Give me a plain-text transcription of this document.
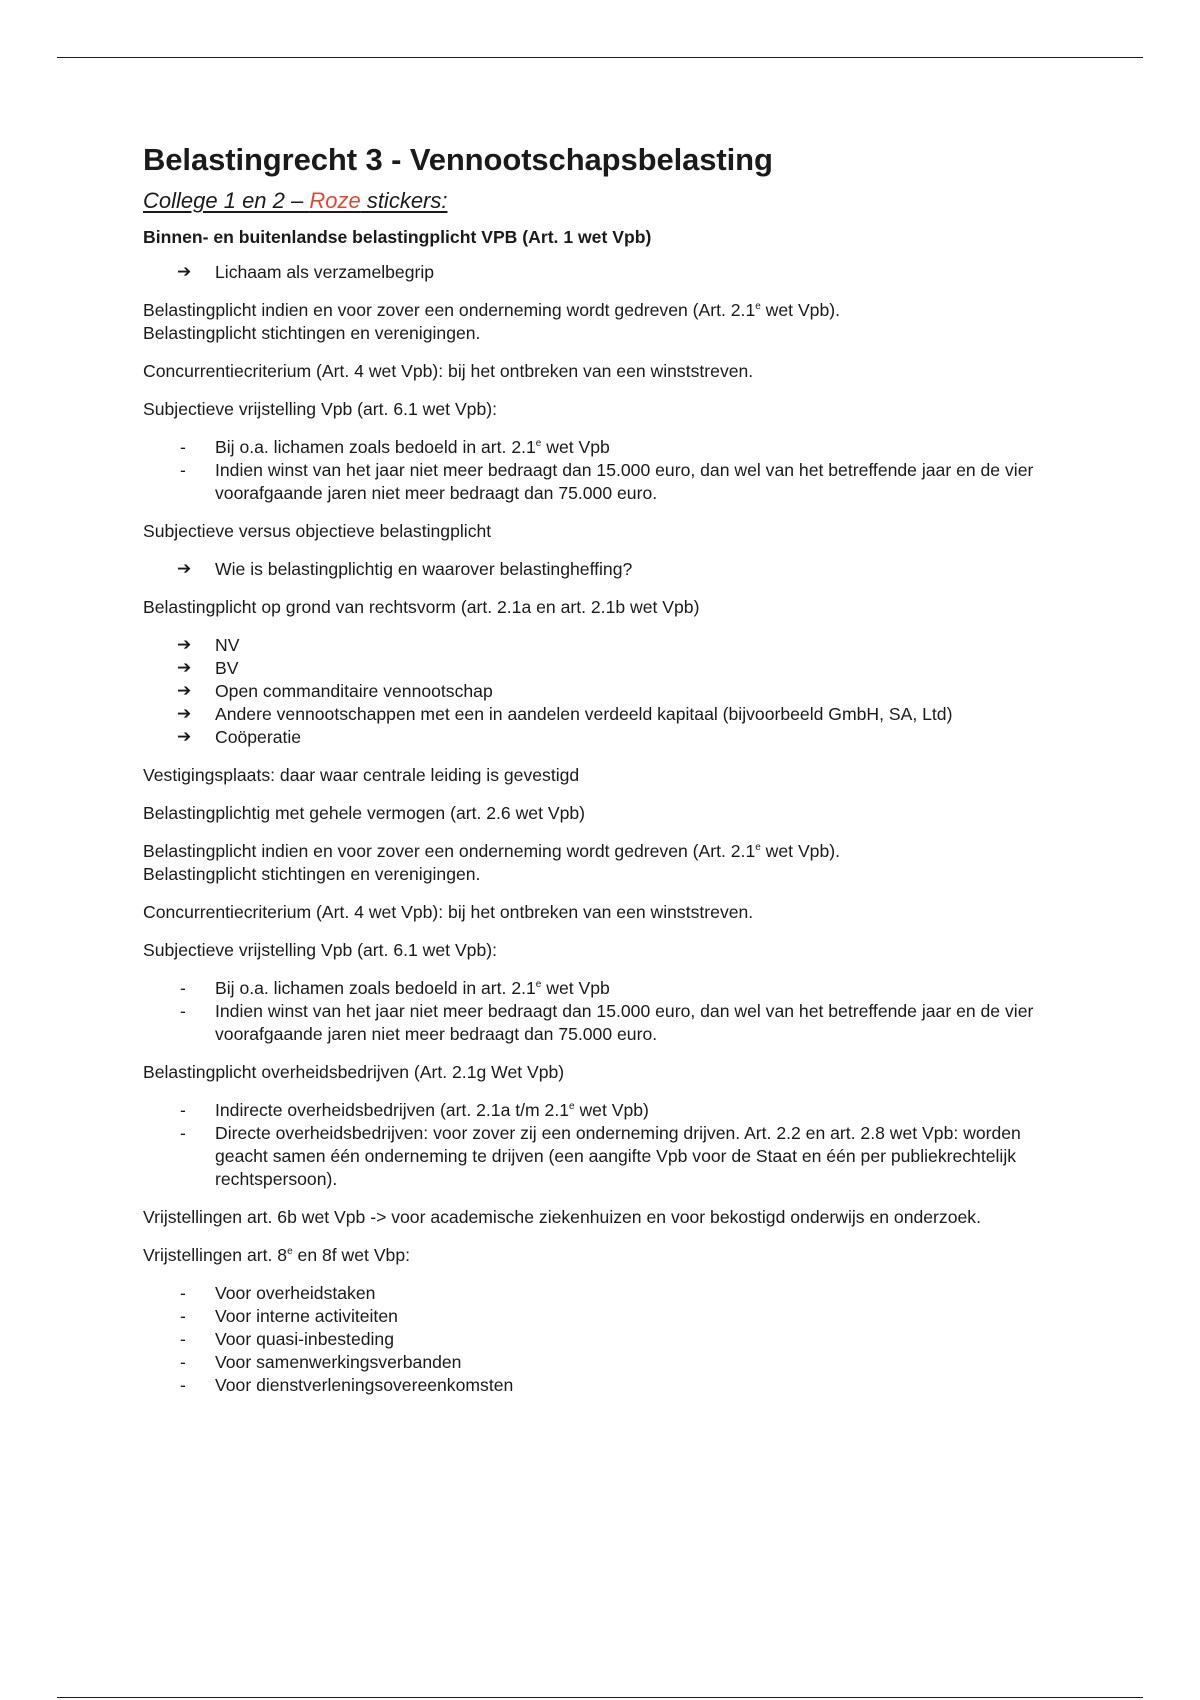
Belastingrecht 3 - Vennootschapsbelasting
College 1 en 2 – Roze stickers:
Binnen- en buitenlandse belastingplicht VPB (Art. 1 wet Vpb)
➔ Lichaam als verzamelbegrip

Belastingplicht indien en voor zover een onderneming wordt gedreven (Art. 2.1e wet Vpb).
Belastingplicht stichtingen en verenigingen.

Concurrentiecriterium (Art. 4 wet Vpb): bij het ontbreken van een winststreven.

Subjectieve vrijstelling Vpb (art. 6.1 wet Vpb):

- Bij o.a. lichamen zoals bedoeld in art. 2.1e wet Vpb
- Indien winst van het jaar niet meer bedraagt dan 15.000 euro, dan wel van het betreffende jaar en de vier voorafgaande jaren niet meer bedraagt dan 75.000 euro.

Subjectieve versus objectieve belastingplicht

➔ Wie is belastingplichtig en waarover belastingheffing?

Belastingplicht op grond van rechtsvorm (art. 2.1a en art. 2.1b wet Vpb)

➔ NV
➔ BV
➔ Open commanditaire vennootschap
➔ Andere vennootschappen met een in aandelen verdeeld kapitaal (bijvoorbeeld GmbH, SA, Ltd)
➔ Coöperatie

Vestigingsplaats: daar waar centrale leiding is gevestigd

Belastingplichtig met gehele vermogen (art. 2.6 wet Vpb)

Belastingplicht indien en voor zover een onderneming wordt gedreven (Art. 2.1e wet Vpb).
Belastingplicht stichtingen en verenigingen.

Concurrentiecriterium (Art. 4 wet Vpb): bij het ontbreken van een winststreven.

Subjectieve vrijstelling Vpb (art. 6.1 wet Vpb):

- Bij o.a. lichamen zoals bedoeld in art. 2.1e wet Vpb
- Indien winst van het jaar niet meer bedraagt dan 15.000 euro, dan wel van het betreffende jaar en de vier voorafgaande jaren niet meer bedraagt dan 75.000 euro.

Belastingplicht overheidsbedrijven (Art. 2.1g Wet Vpb)

- Indirecte overheidsbedrijven (art. 2.1a t/m 2.1e wet Vpb)
- Directe overheidsbedrijven: voor zover zij een onderneming drijven. Art. 2.2 en art. 2.8 wet Vpb: worden geacht samen één onderneming te drijven (een aangifte Vpb voor de Staat en één per publiekrechtelijk rechtspersoon).

Vrijstellingen art. 6b wet Vpb -> voor academische ziekenhuizen en voor bekostigd onderwijs en onderzoek.

Vrijstellingen art. 8e en 8f wet Vbp:

- Voor overheidstaken
- Voor interne activiteiten
- Voor quasi-inbesteding
- Voor samenwerkingsverbanden
- Voor dienstverleningsovereenkomsten
